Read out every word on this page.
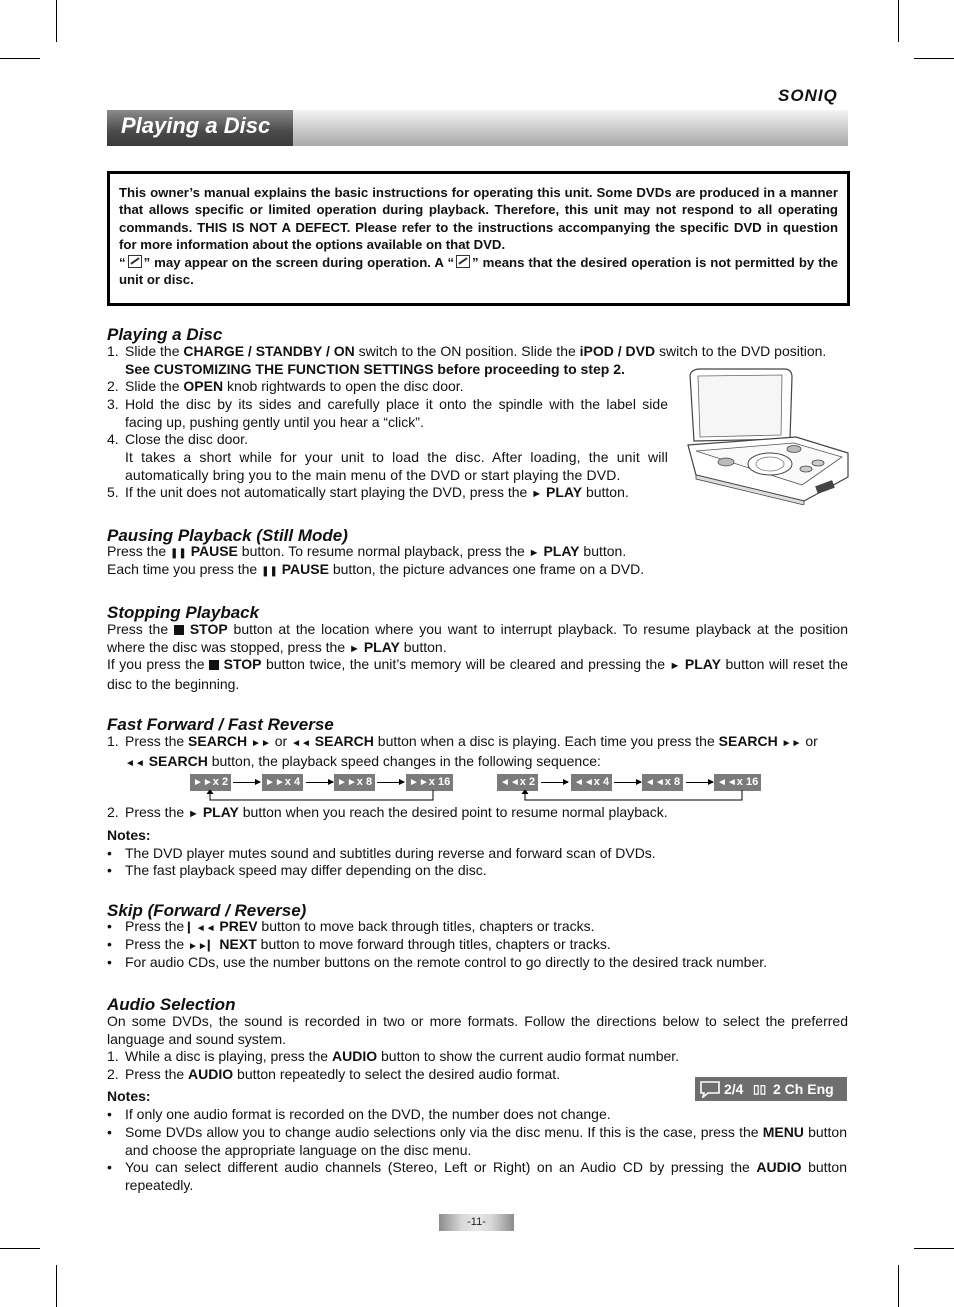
SONIQ
Playing a Disc
This owner’s manual explains the basic instructions for operating this unit. Some DVDs are produced in a manner that allows specific or limited operation during playback. Therefore, this unit may not respond to all operating commands. THIS IS NOT A DEFECT. Please refer to the instructions accompanying the specific DVD in question for more information about the options available on that DVD.
“ ” may appear on the screen during operation. A “ ” means that the desired operation is not permitted by the unit or disc.
Playing a Disc
1. Slide the CHARGE / STANDBY / ON switch to the ON position. Slide the iPOD / DVD switch to the DVD position.
See CUSTOMIZING THE FUNCTION SETTINGS before proceeding to step 2.
2. Slide the OPEN knob rightwards to open the disc door.
3. Hold the disc by its sides and carefully place it onto the spindle with the label side facing up, pushing gently until you hear a “click”.
4. Close the disc door.
It takes a short while for your unit to load the disc. After loading, the unit will automatically bring you to the main menu of the DVD or start playing the DVD.
5. If the unit does not automatically start playing the DVD, press the ► PLAY button.
Pausing Playback (Still Mode)
Press the ❚❚ PAUSE button. To resume normal playback, press the ► PLAY button.
Each time you press the ❚❚ PAUSE button, the picture advances one frame on a DVD.
Stopping Playback
Press the  STOP button at the location where you want to interrupt playback. To resume playback at the position where the disc was stopped, press the ► PLAY button.
If you press the  STOP button twice, the unit’s memory will be cleared and pressing the ► PLAY button will reset the disc to the beginning.
Fast Forward / Fast Reverse
1. Press the SEARCH ►► or ◄◄ SEARCH button when a disc is playing. Each time you press the SEARCH ►► or
◄◄ SEARCH button, the playback speed changes in the following sequence:
►►x 2	►►x 4	►►x 8	►►x 16	◄◄x 2	◄◄x 4	◄◄x 8	◄◄x 16
2. Press the ► PLAY button when you reach the desired point to resume normal playback.
Notes:
• The DVD player mutes sound and subtitles during reverse and forward scan of DVDs.
• The fast playback speed may differ depending on the disc.
Skip (Forward / Reverse)
• Press the ▎◄◄ PREV button to move back through titles, chapters or tracks.
• Press the ►►▎ NEXT button to move forward through titles, chapters or tracks.
• For audio CDs, use the number buttons on the remote control to go directly to the desired track number.
Audio Selection
On some DVDs, the sound is recorded in two or more formats. Follow the directions below to select the preferred language and sound system.
1. While a disc is playing, press the AUDIO button to show the current audio format number.
2. Press the AUDIO button repeatedly to select the desired audio format.
2/4 ▯▯ 2 Ch Eng
Notes:
• If only one audio format is recorded on the DVD, the number does not change.
• Some DVDs allow you to change audio selections only via the disc menu. If this is the case, press the MENU button and choose the appropriate language on the disc menu.
• You can select different audio channels (Stereo, Left or Right) on an Audio CD by pressing the AUDIO button repeatedly.
-11-
